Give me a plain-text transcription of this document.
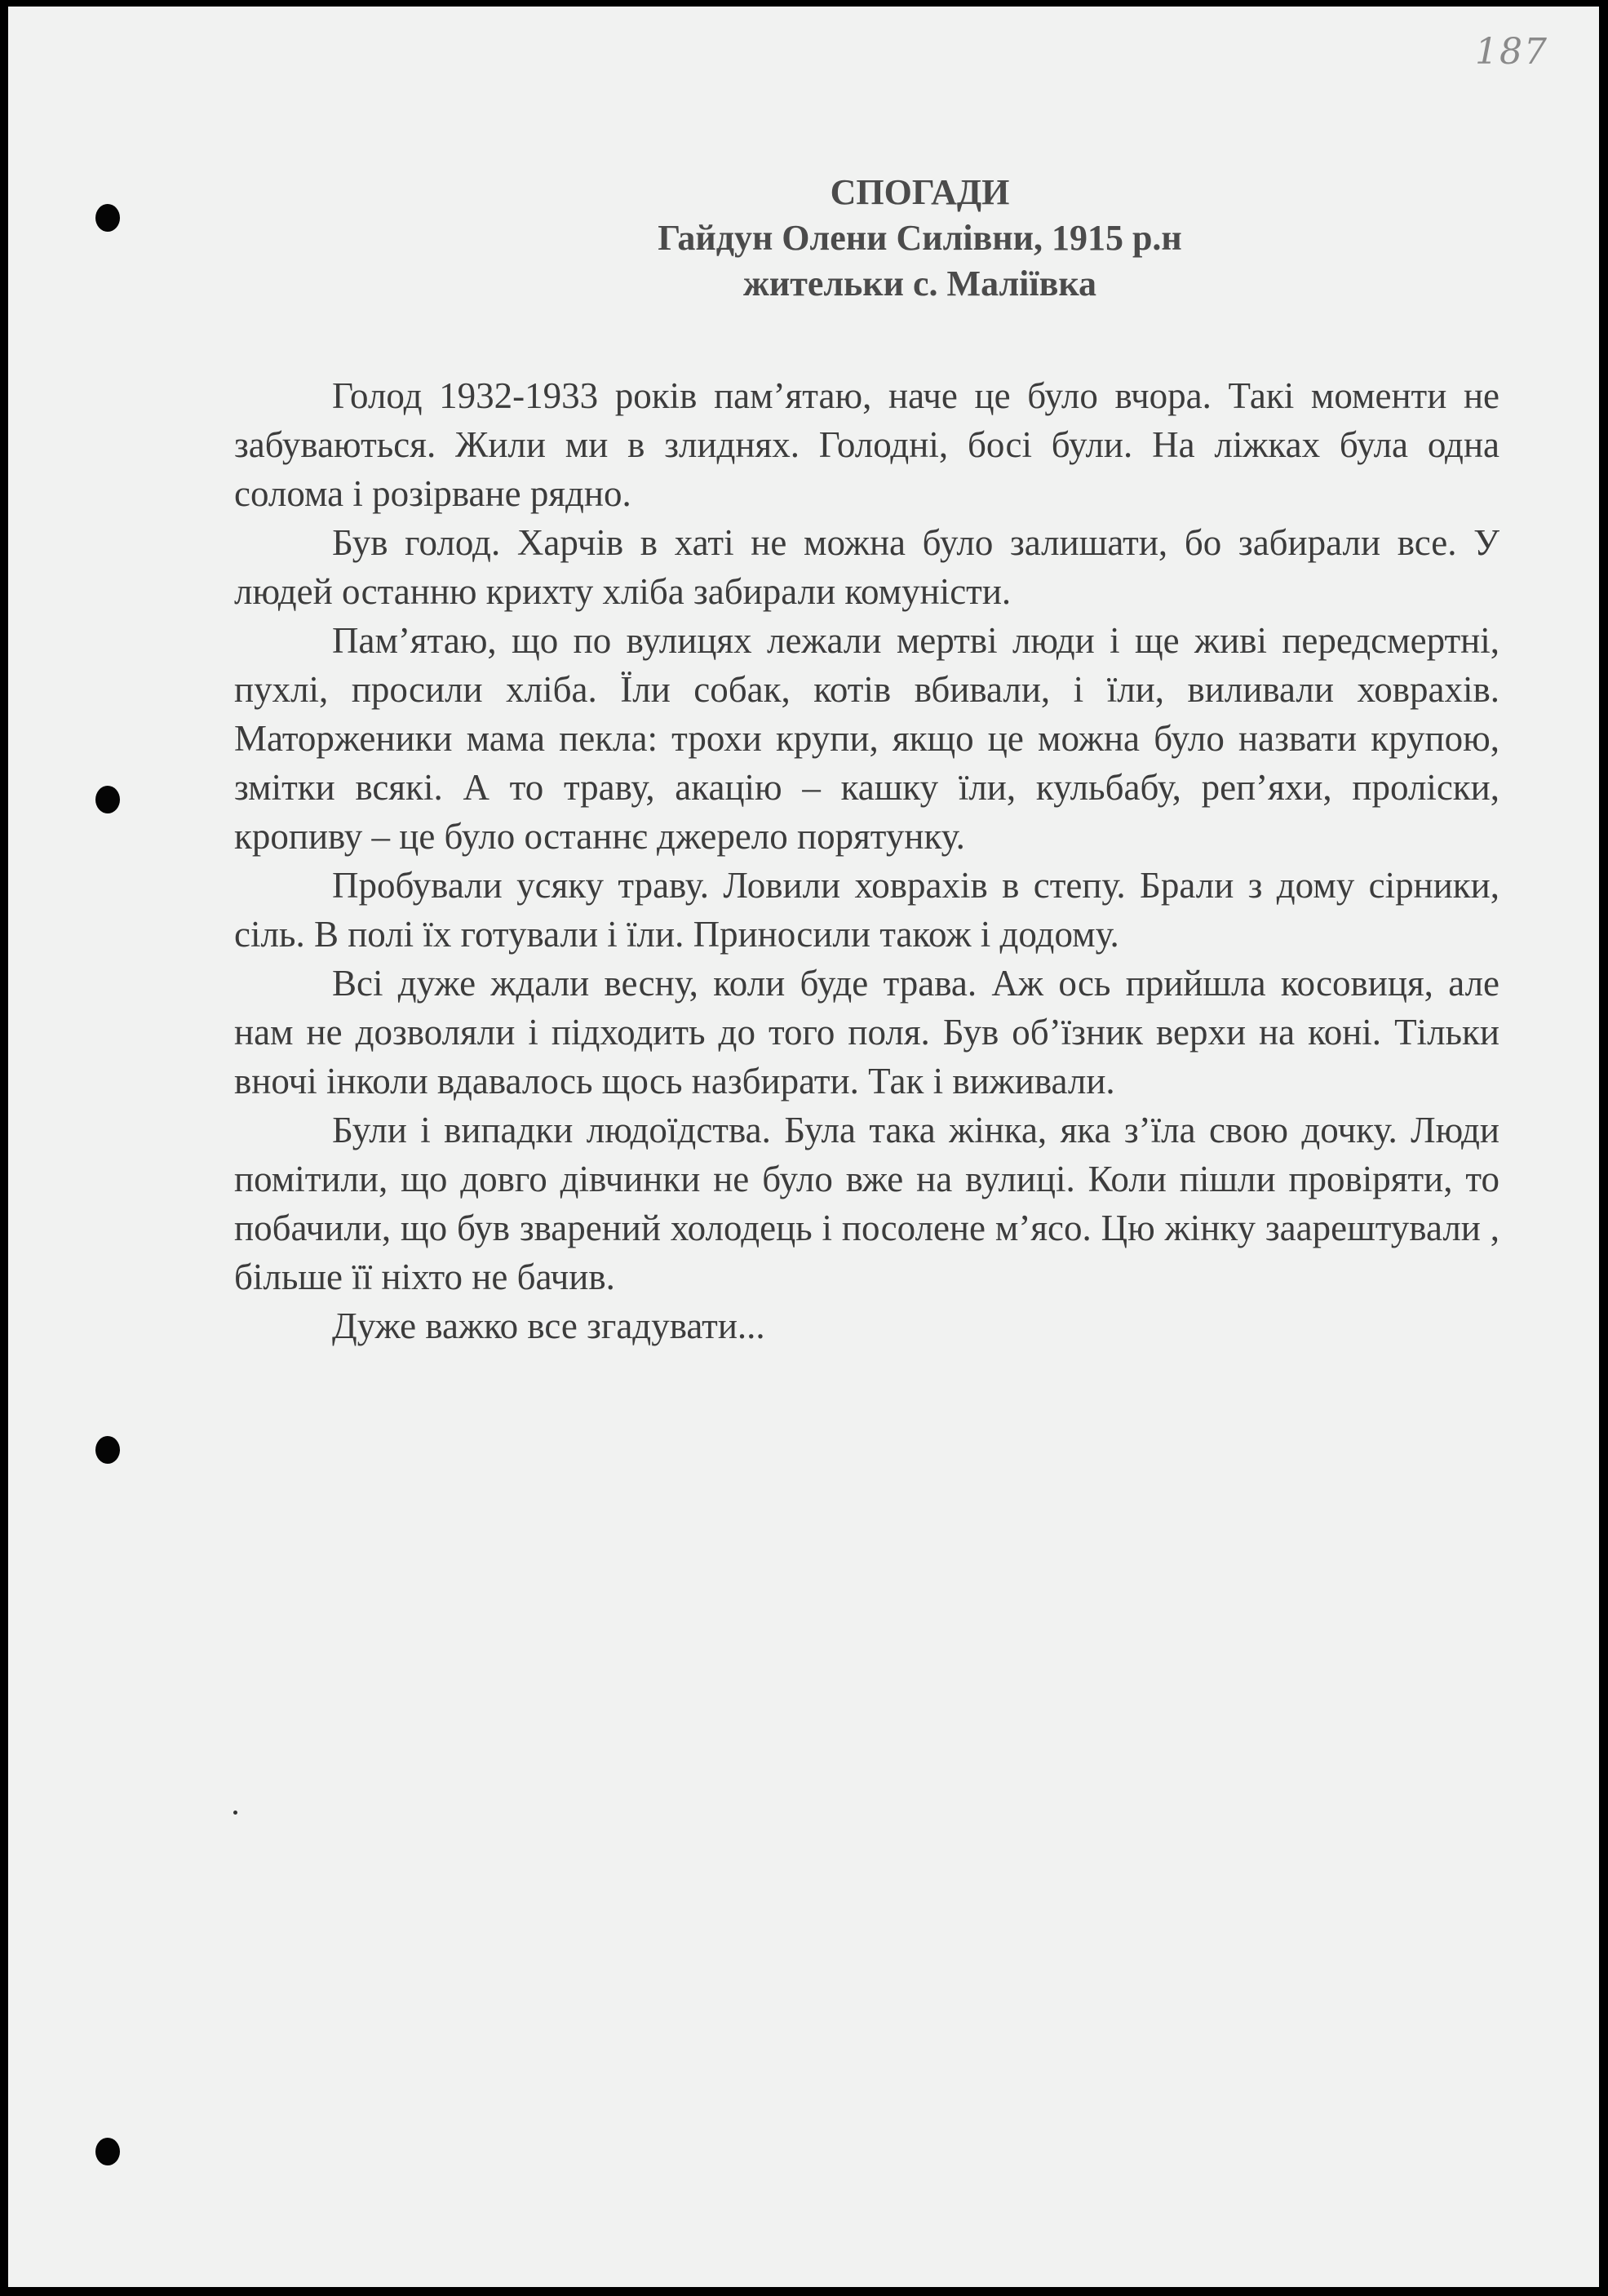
187
СПОГАДИ
Гайдун Олени Силівни, 1915 р.н
жительки с. Маліївка

Голод 1932-1933 років пам’ятаю, наче це було вчора. Такі моменти не забуваються. Жили ми в злиднях. Голодні, босі були. На ліжках була одна солома і розірване рядно.

Був голод. Харчів в хаті не можна було залишати, бо забирали все. У людей останню крихту хліба забирали комуністи.

Пам’ятаю, що по вулицях лежали мертві люди і ще живі передсмертні, пухлі, просили хліба. Їли собак, котів вбивали, і їли, виливали ховрахів. Маторженики мама пекла: трохи крупи, якщо це можна було назвати крупою, змітки всякі. А то траву, акацію – кашку їли, кульбабу, реп’яхи, проліски, кропиву – це було останнє джерело порятунку.

Пробували усяку траву. Ловили ховрахів в степу. Брали з дому сірники, сіль. В полі їх готували і їли. Приносили також і додому.

Всі дуже ждали весну, коли буде трава. Аж ось прийшла косовиця, але нам не дозволяли і підходить до того поля. Був об’їзник верхи на коні. Тільки вночі інколи вдавалось щось назбирати. Так і виживали.

Були і випадки людоїдства. Була така жінка, яка з’їла свою дочку. Люди помітили, що довго дівчинки не було вже на вулиці. Коли пішли провіряти, то побачили, що був зварений холодець і посолене м’ясо. Цю жінку заарештували , більше її ніхто не бачив.

Дуже важко все згадувати...
